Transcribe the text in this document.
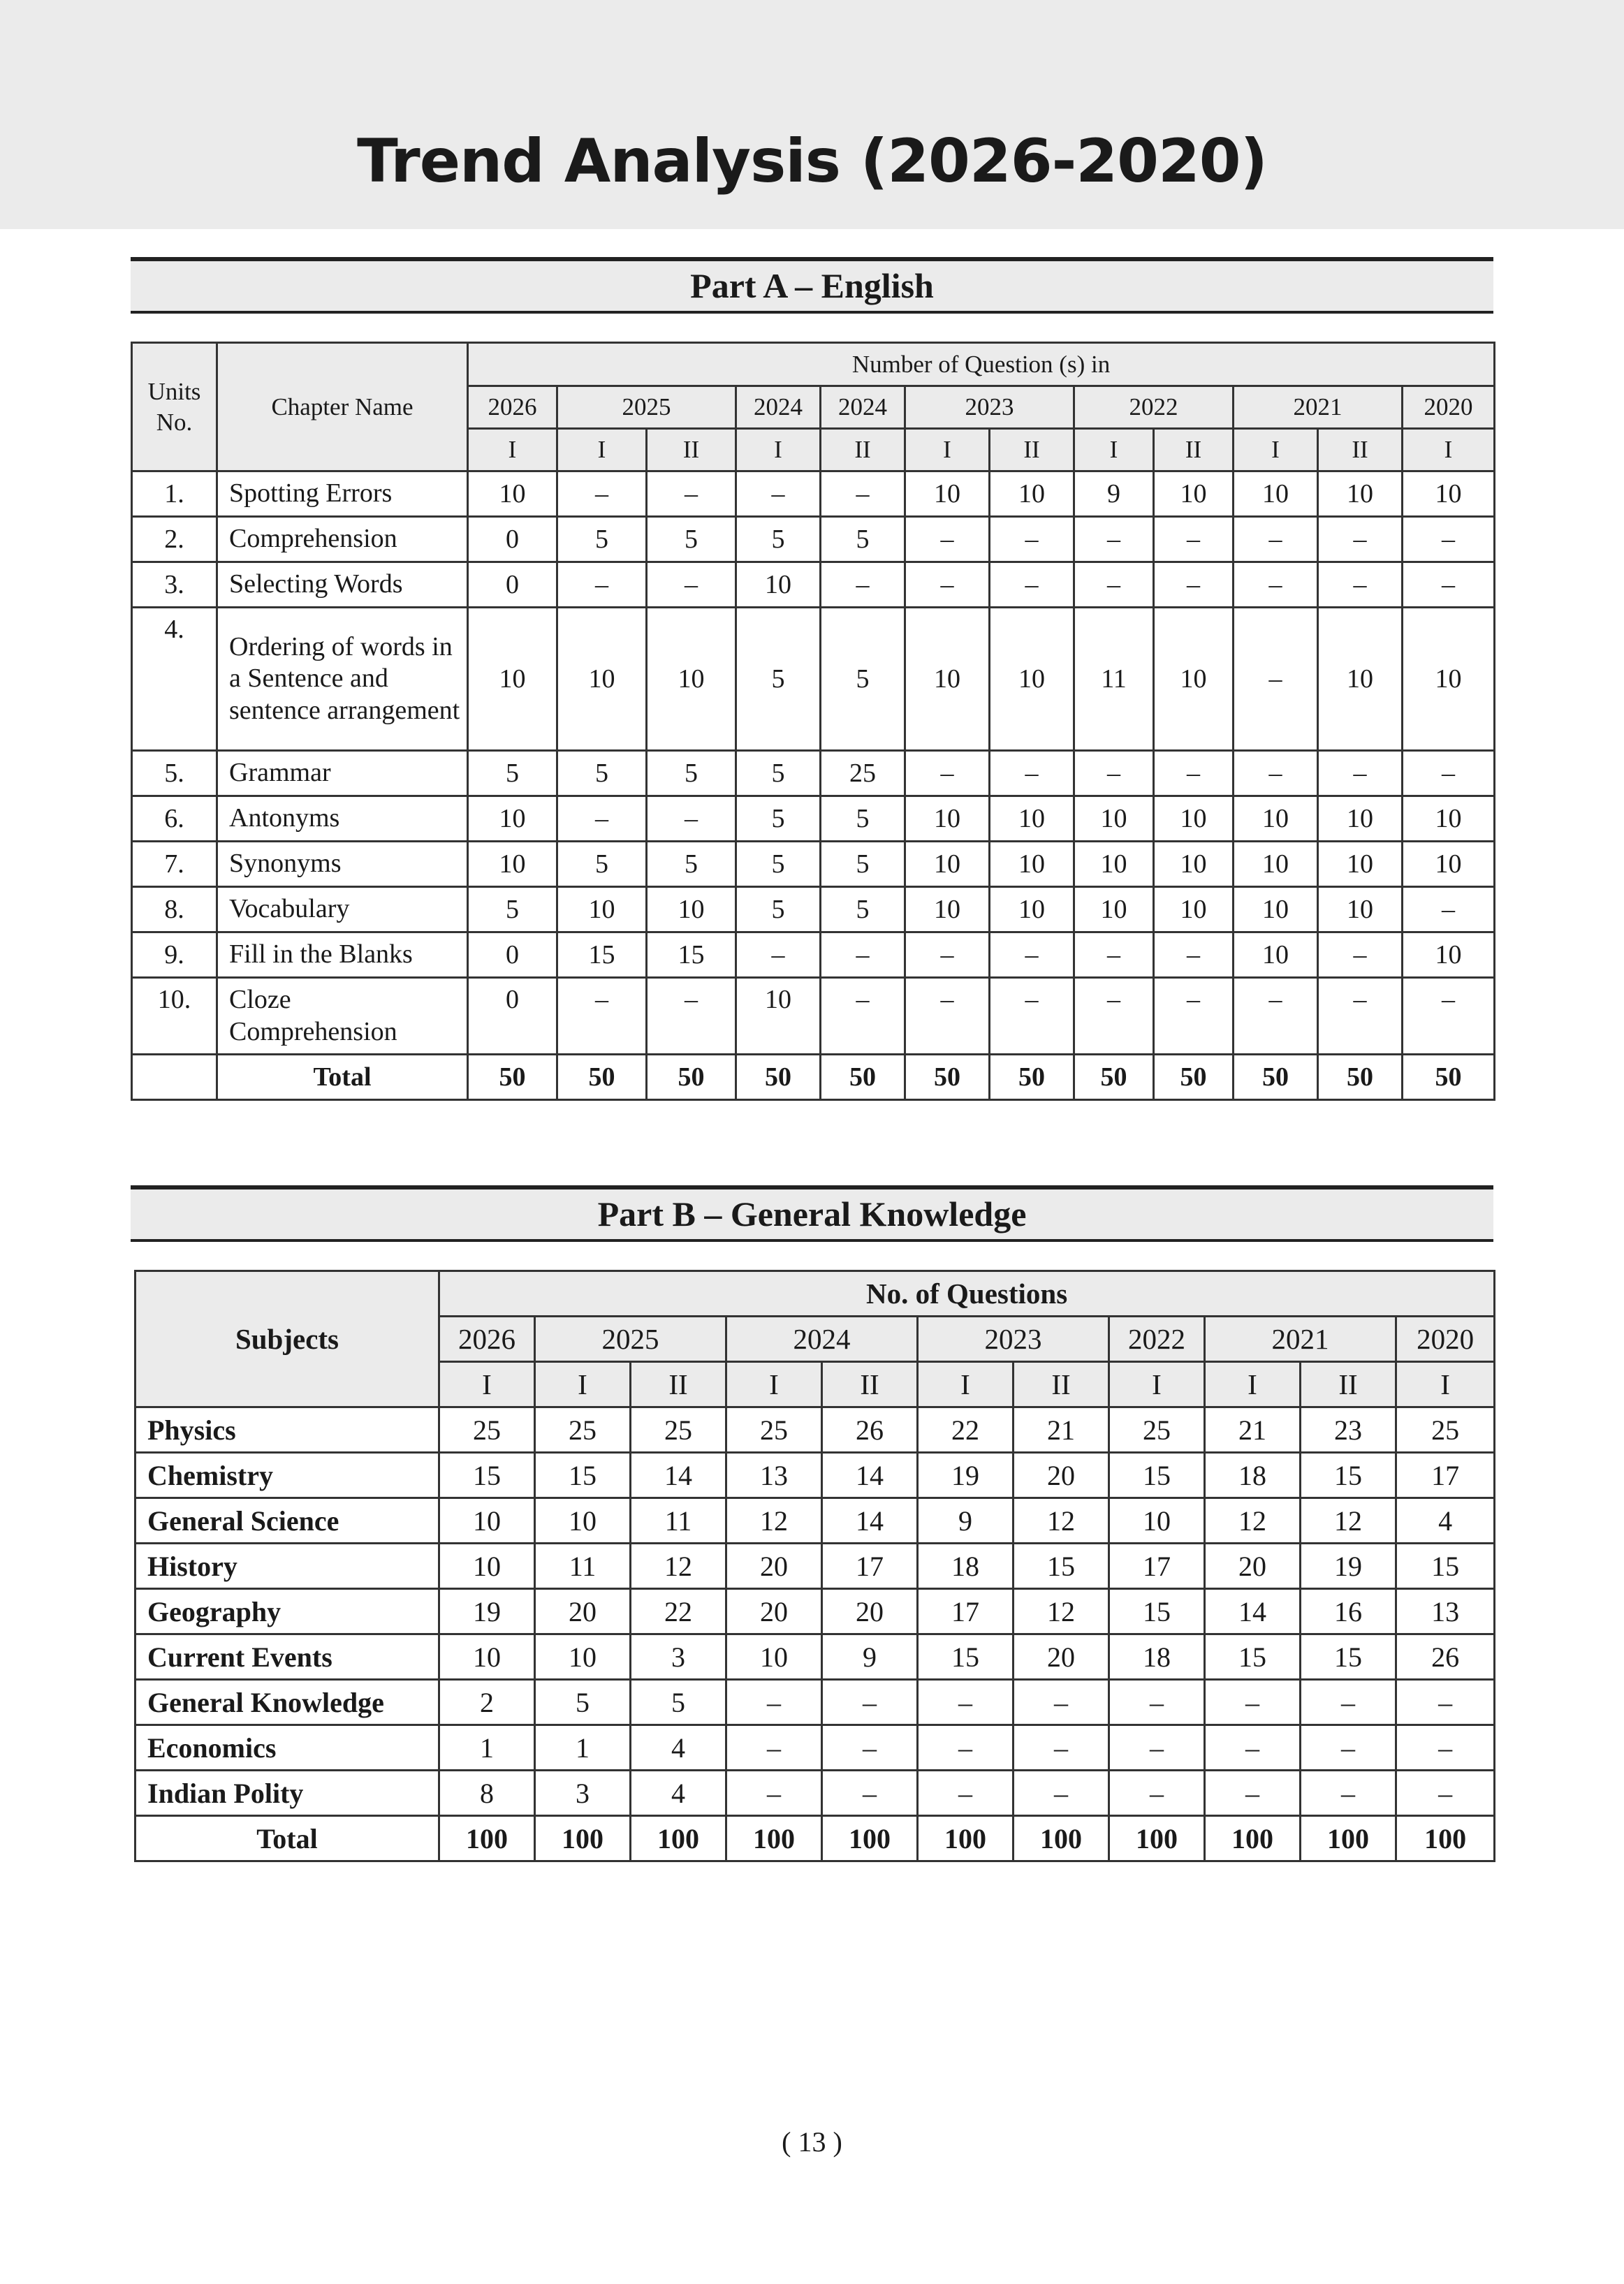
Trend Analysis (2026-2020)
Part A – English
Units No.	Chapter Name	Number of Question (s) in											
		2026	2025		2024	2024	2023		2022		2021		2020
		I	I	II	I	II	I	II	I	II	I	II	I
1.	Spotting Errors	10	–	–	–	–	10	10	9	10	10	10	10
2.	Comprehension	0	5	5	5	5	–	–	–	–	–	–	–
3.	Selecting Words	0	–	–	10	–	–	–	–	–	–	–	–
4.	Ordering of words in a Sentence and sentence arrangement	10	10	10	5	5	10	10	11	10	–	10	10
5.	Grammar	5	5	5	5	25	–	–	–	–	–	–	–
6.	Antonyms	10	–	–	5	5	10	10	10	10	10	10	10
7.	Synonyms	10	5	5	5	5	10	10	10	10	10	10	10
8.	Vocabulary	5	10	10	5	5	10	10	10	10	10	10	–
9.	Fill in the Blanks	0	15	15	–	–	–	–	–	–	10	–	10
10.	Cloze Comprehension	0	–	–	10	–	–	–	–	–	–	–	–
	Total	50	50	50	50	50	50	50	50	50	50	50	50
Part B – General Knowledge
Subjects	No. of Questions										
	2026	2025		2024		2023		2022	2021		2020
	I	I	II	I	II	I	II	I	I	II	I
Physics	25	25	25	25	26	22	21	25	21	23	25
Chemistry	15	15	14	13	14	19	20	15	18	15	17
General Science	10	10	11	12	14	9	12	10	12	12	4
History	10	11	12	20	17	18	15	17	20	19	15
Geography	19	20	22	20	20	17	12	15	14	16	13
Current Events	10	10	3	10	9	15	20	18	15	15	26
General Knowledge	2	5	5	–	–	–	–	–	–	–	–
Economics	1	1	4	–	–	–	–	–	–	–	–
Indian Polity	8	3	4	–	–	–	–	–	–	–	–
Total	100	100	100	100	100	100	100	100	100	100	100
( 13 )
